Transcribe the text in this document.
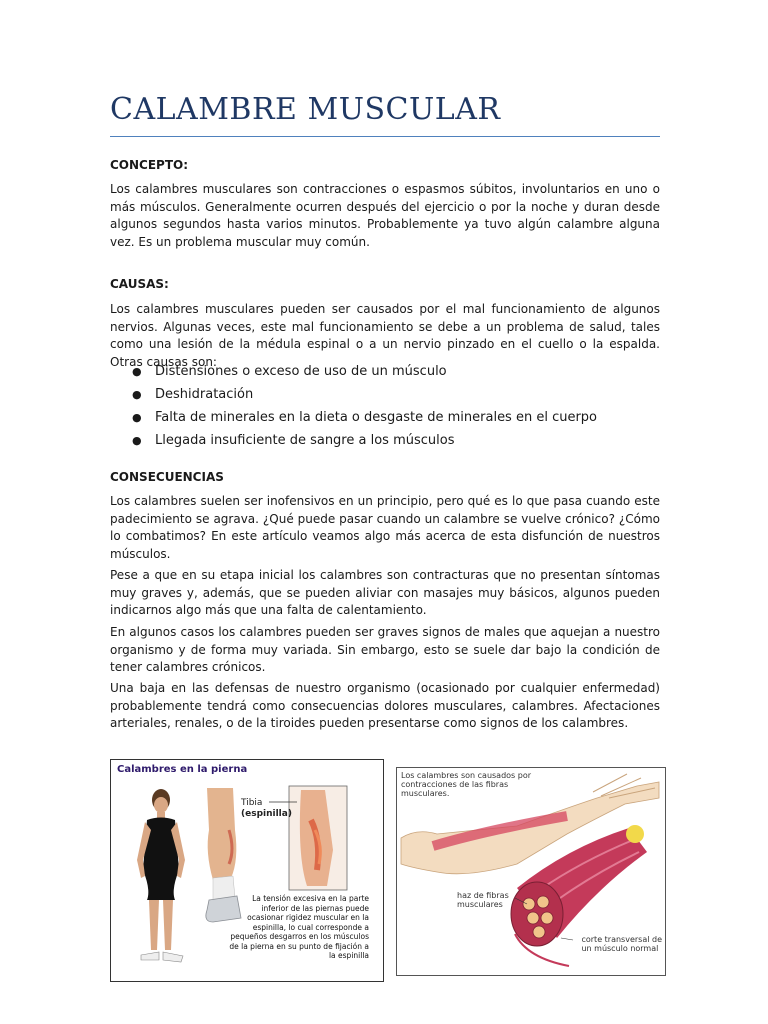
CALAMBRE MUSCULAR

CONCEPTO:

Los calambres musculares son contracciones o espasmos súbitos, involuntarios en uno o más músculos. Generalmente ocurren después del ejercicio o por la noche y duran desde algunos segundos hasta varios minutos. Probablemente ya tuvo algún calambre alguna vez. Es un problema muscular muy común.

CAUSAS:

Los calambres musculares pueden ser causados por el mal funcionamiento de algunos nervios. Algunas veces, este mal funcionamiento se debe a un problema de salud, tales como una lesión de la médula espinal o a un nervio pinzado en el cuello o la espalda. Otras causas son:

● Distensiones o exceso de uso de un músculo
● Deshidratación
● Falta de minerales en la dieta o desgaste de minerales en el cuerpo
● Llegada insuficiente de sangre a los músculos

CONSECUENCIAS

Los calambres suelen ser inofensivos en un principio, pero qué es lo que pasa cuando este padecimiento se agrava. ¿Qué puede pasar cuando un calambre se vuelve crónico? ¿Cómo lo combatimos? En este artículo veamos algo más acerca de esta disfunción de nuestros músculos.

Pese a que en su etapa inicial los calambres son contracturas que no presentan síntomas muy graves y, además, que se pueden aliviar con masajes muy básicos, algunos pueden indicarnos algo más que una falta de calentamiento.

En algunos casos los calambres pueden ser graves signos de males que aquejan a nuestro organismo y de forma muy variada. Sin embargo, esto se suele dar bajo la condición de tener calambres crónicos.

Una baja en las defensas de nuestro organismo (ocasionado por cualquier enfermedad) probablemente tendrá como consecuencias dolores musculares, calambres. Afectaciones arteriales, renales, o de la tiroides pueden presentarse como signos de los calambres.

Calambres en la pierna
Tibia
(espinilla)
La tensión excesiva en la parte inferior de las piernas puede ocasionar rigidez muscular en la espinilla, lo cual corresponde a pequeños desgarros en los músculos de la pierna en su punto de fijación a la espinilla
Los calambres son causados por contracciones de las fibras musculares.
haz de fibras
musculares
corte transversal de
un músculo normal
